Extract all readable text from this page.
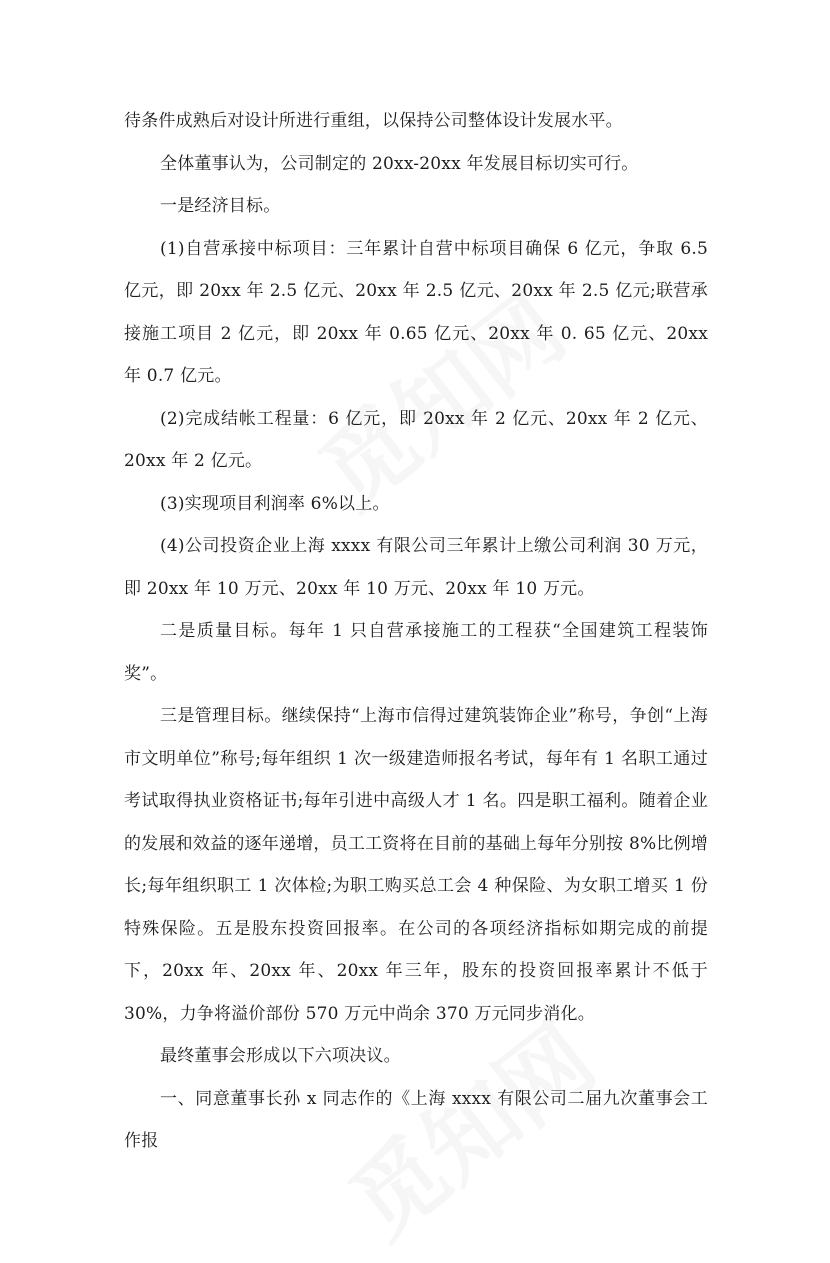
待条件成熟后对设计所进行重组，以保持公司整体设计发展水平。

全体董事认为，公司制定的 20xx-20xx 年发展目标切实可行。

一是经济目标。

(1)自营承接中标项目：三年累计自营中标项目确保 6 亿元，争取 6.5 亿元，即 20xx 年 2.5 亿元、20xx 年 2.5 亿元、20xx 年 2.5 亿元;联营承接施工项目 2 亿元，即 20xx 年 0.65 亿元、20xx 年 0. 65 亿元、20xx 年 0.7 亿元。

(2)完成结帐工程量：6 亿元，即 20xx 年 2 亿元、20xx 年 2 亿元、20xx 年 2 亿元。

(3)实现项目利润率 6%以上。

(4)公司投资企业上海 xxxx 有限公司三年累计上缴公司利润 30 万元，即 20xx 年 10 万元、20xx 年 10 万元、20xx 年 10 万元。

二是质量目标。每年 1 只自营承接施工的工程获“全国建筑工程装饰奖”。

三是管理目标。继续保持“上海市信得过建筑装饰企业”称号，争创“上海市文明单位”称号;每年组织 1 次一级建造师报名考试，每年有 1 名职工通过考试取得执业资格证书;每年引进中高级人才 1 名。四是职工福利。随着企业的发展和效益的逐年递增，员工工资将在目前的基础上每年分别按 8%比例增长;每年组织职工 1 次体检;为职工购买总工会 4 种保险、为女职工增买 1 份特殊保险。五是股东投资回报率。在公司的各项经济指标如期完成的前提下，20xx 年、20xx 年、20xx 年三年，股东的投资回报率累计不低于 30%，力争将溢价部份 570 万元中尚余 370 万元同步消化。

最终董事会形成以下六项决议。

一、同意董事长孙 x 同志作的《上海 xxxx 有限公司二届九次董事会工作报
